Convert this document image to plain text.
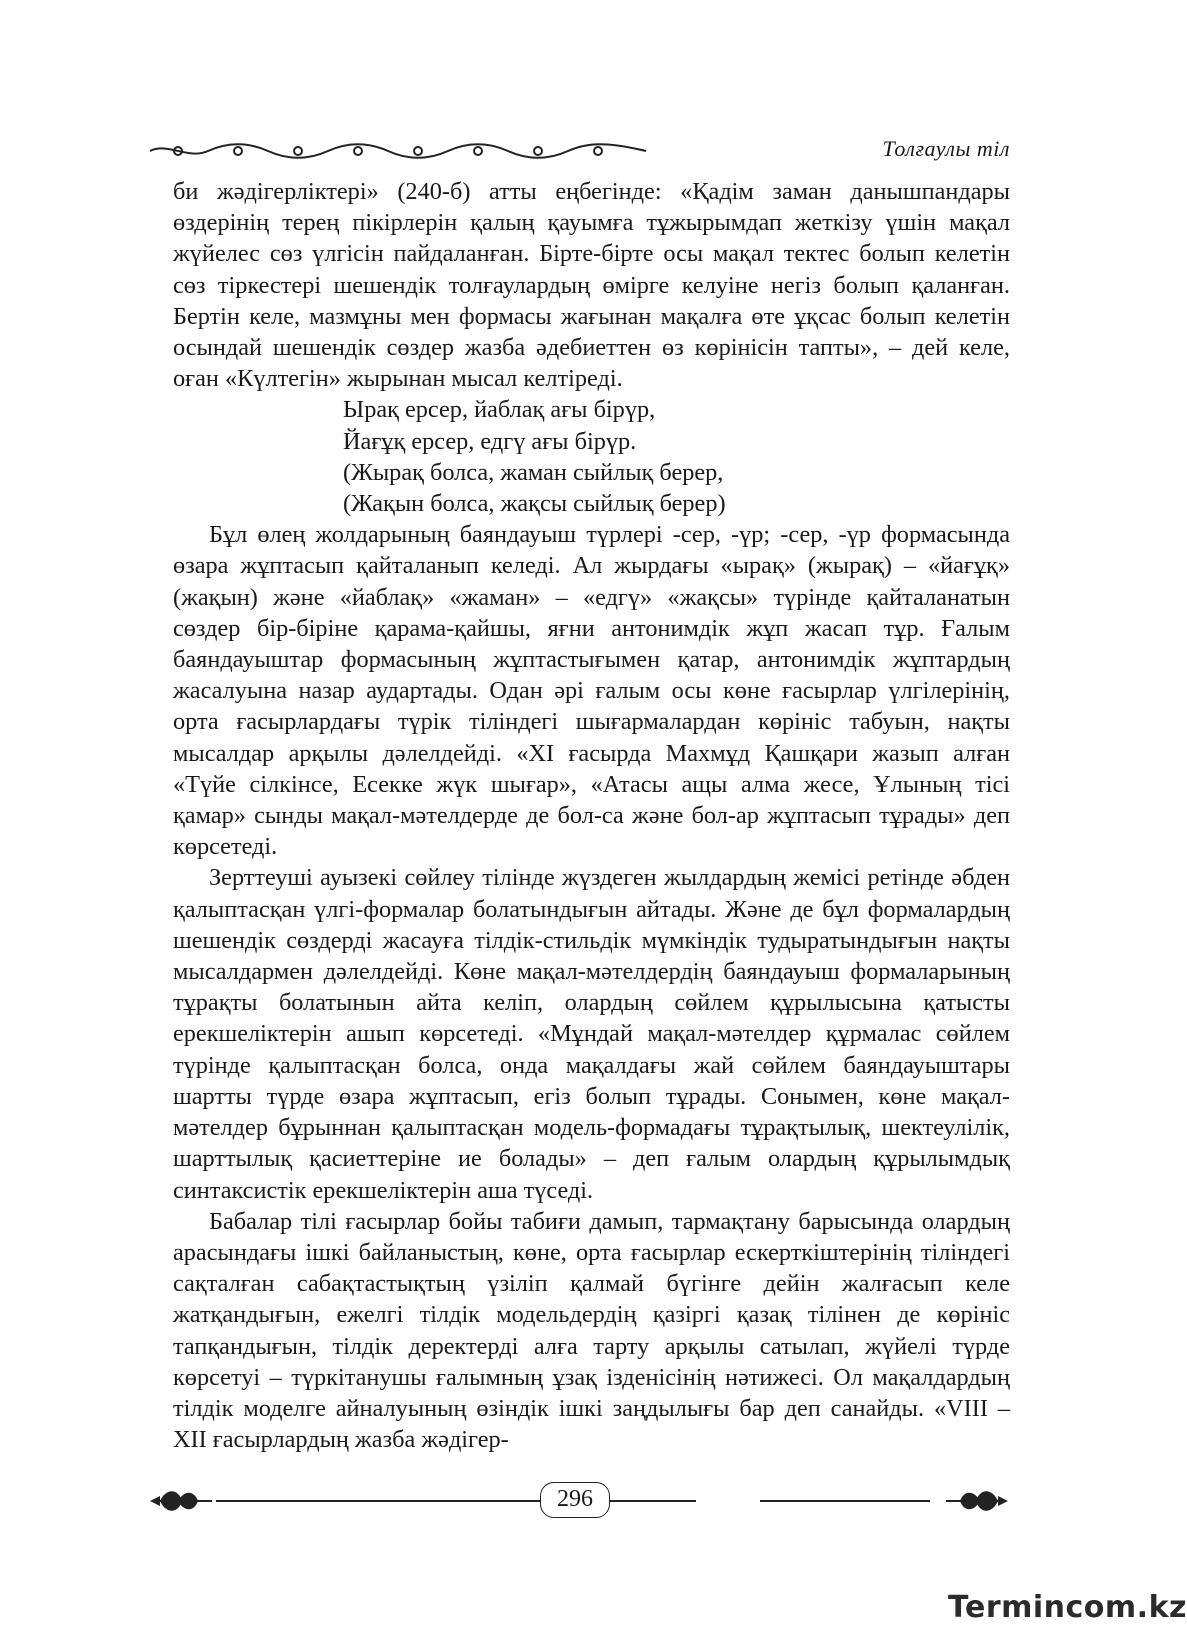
Толғаулы тіл

би жәдігерліктері» (240-б) атты еңбегінде: «Қадім заман данышпандары өздерінің терең пікірлерін қалың қауымға тұжырымдап жеткізу үшін мақал жүйелес сөз үлгісін пайдаланған. Бірте-бірте осы мақал тектес болып келетін сөз тіркестері шешендік толғаулардың өмірге келуіне негіз болып қаланған. Бертін келе, мазмұны мен формасы жағынан мақалға өте ұқсас болып келетін осындай шешендік сөздер жазба әдебиеттен өз көрінісін тапты», – дей келе, оған «Күлтегін» жырынан мысал келтіреді.

Ырақ ерсер, йаблақ ағы бірүр,
Йағұқ ерсер, едгү ағы бірүр.
(Жырақ болса, жаман сыйлық берер,
(Жақын болса, жақсы сыйлық берер)

Бұл өлең жолдарының баяндауыш түрлері -сер, -үр; -сер, -үр формасында өзара жұптасып қайталанып келеді. Ал жырдағы «ырақ» (жырақ) – «йағұқ» (жақын) және «йаблақ» «жаман» – «едгү» «жақсы» түрінде қайталанатын сөздер бір-біріне қарама-қайшы, яғни антонимдік жұп жасап тұр. Ғалым баяндауыштар формасының жұптастығымен қатар, антонимдік жұптардың жасалуына назар аудартады. Одан әрі ғалым осы көне ғасырлар үлгілерінің, орта ғасырлардағы түрік тіліндегі шығармалардан көрініс табуын, нақты мысалдар арқылы дәлелдейді. «ХІ ғасырда Махмұд Қашқари жазып алған «Түйе сілкінсе, Есекке жүк шығар», «Атасы ащы алма жесе, Ұлының тісі қамар» сынды мақал-мәтелдерде де бол-са және бол-ар жұптасып тұрады» деп көрсетеді.

Зерттеуші ауызекі сөйлеу тілінде жүздеген жылдардың жемісі ретінде әбден қалыптасқан үлгі-формалар болатындығын айтады. Және де бұл формалардың шешендік сөздерді жасауға тілдік-стильдік мүмкіндік тудыратындығын нақты мысалдармен дәлелдейді. Көне мақал-мәтелдердің баяндауыш формаларының тұрақты болатынын айта келіп, олардың сөйлем құрылысына қатысты ерекшеліктерін ашып көрсетеді. «Мұндай мақал-мәтелдер құрмалас сөйлем түрінде қалыптасқан болса, онда мақалдағы жай сөйлем баяндауыштары шартты түрде өзара жұптасып, егіз болып тұрады. Сонымен, көне мақал-мәтелдер бұрыннан қалыптасқан модель-формадағы тұрақтылық, шектеулілік, шарттылық қасиеттеріне ие болады» – деп ғалым олардың құрылымдық синтаксистік ерекшеліктерін аша түседі.

Бабалар тілі ғасырлар бойы табиғи дамып, тармақтану барысында олардың арасындағы ішкі байланыстың, көне, орта ғасырлар ескерткіштерінің тіліндегі сақталған сабақтастықтың үзіліп қалмай бүгінге дейін жалғасып келе жатқандығын, ежелгі тілдік модельдердің қазіргі қазақ тілінен де көрініс тапқандығын, тілдік деректерді алға тарту арқылы сатылап, жүйелі түрде көрсетуі – түркітанушы ғалымның ұзақ ізденісінің нәтижесі. Ол мақалдардың тілдік моделге айналуының өзіндік ішкі заңдылығы бар деп санайды. «VIII – XII ғасырлардың жазба жәдігер-

296
Termincom.kz
